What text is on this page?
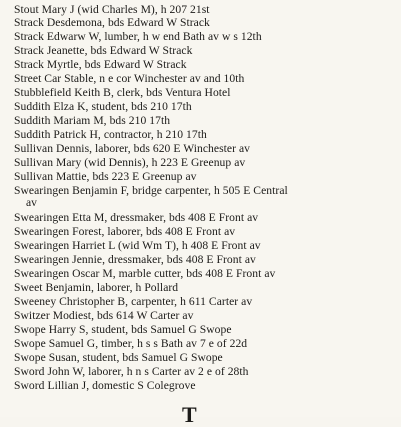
Stout Mary J (wid Charles M), h 207 21st
Strack Desdemona, bds Edward W Strack
Strack Edwarw W, lumber, h w end Bath av w s 12th
Strack Jeanette, bds Edward W Strack
Strack Myrtle, bds Edward W Strack
Street Car Stable, n e cor Winchester av and 10th
Stubblefield Keith B, clerk, bds Ventura Hotel
Suddith Elza K, student, bds 210 17th
Suddith Mariam M, bds 210 17th
Suddith Patrick H, contractor, h 210 17th
Sullivan Dennis, laborer, bds 620 E Winchester av
Sullivan Mary (wid Dennis), h 223 E Greenup av
Sullivan Mattie, bds 223 E Greenup av
Swearingen Benjamin F, bridge carpenter, h 505 E Central
av
Swearingen Etta M, dressmaker, bds 408 E Front av
Swearingen Forest, laborer, bds 408 E Front av
Swearingen Harriet L (wid Wm T), h 408 E Front av
Swearingen Jennie, dressmaker, bds 408 E Front av
Swearingen Oscar M, marble cutter, bds 408 E Front av
Sweet Benjamin, laborer, h Pollard
Sweeney Christopher B, carpenter, h 611 Carter av
Switzer Modiest, bds 614 W Carter av
Swope Harry S, student, bds Samuel G Swope
Swope Samuel G, timber, h s s Bath av 7 e of 22d
Swope Susan, student, bds Samuel G Swope
Sword John W, laborer, h n s Carter av 2 e of 28th
Sword Lillian J, domestic S Colegrove
T
